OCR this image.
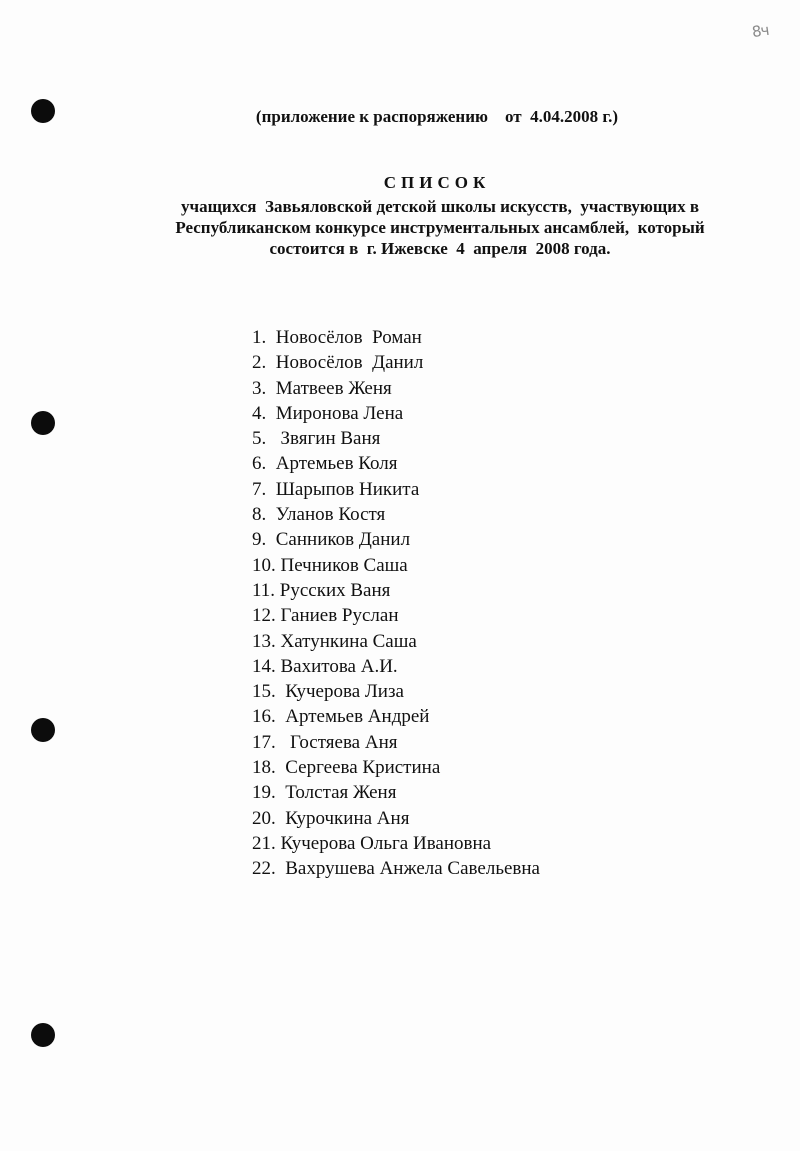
8ч
(приложение к распоряжению    от  4.04.2008 г.)
СПИСОК
учащихся  Завьяловской детской школы искусств,  участвующих в
Республиканском конкурсе инструментальных ансамблей,  который
состоится в  г. Ижевске  4  апреля  2008 года.
1.  Новосёлов  Роман
2.  Новосёлов  Данил
3.  Матвеев Женя
4.  Миронова Лена
5.   Звягин Ваня
6.  Артемьев Коля
7.  Шарыпов Никита
8.  Уланов Костя
9.  Санников Данил
10. Печников Саша
11. Русских Ваня
12. Ганиев Руслан
13. Хатункина Саша
14. Вахитова А.И.
15.  Кучерова Лиза
16.  Артемьев Андрей
17.   Гостяева Аня
18.  Сергеева Кристина
19.  Толстая Женя
20.  Курочкина Аня
21. Кучерова Ольга Ивановна
22.  Вахрушева Анжела Савельевна
